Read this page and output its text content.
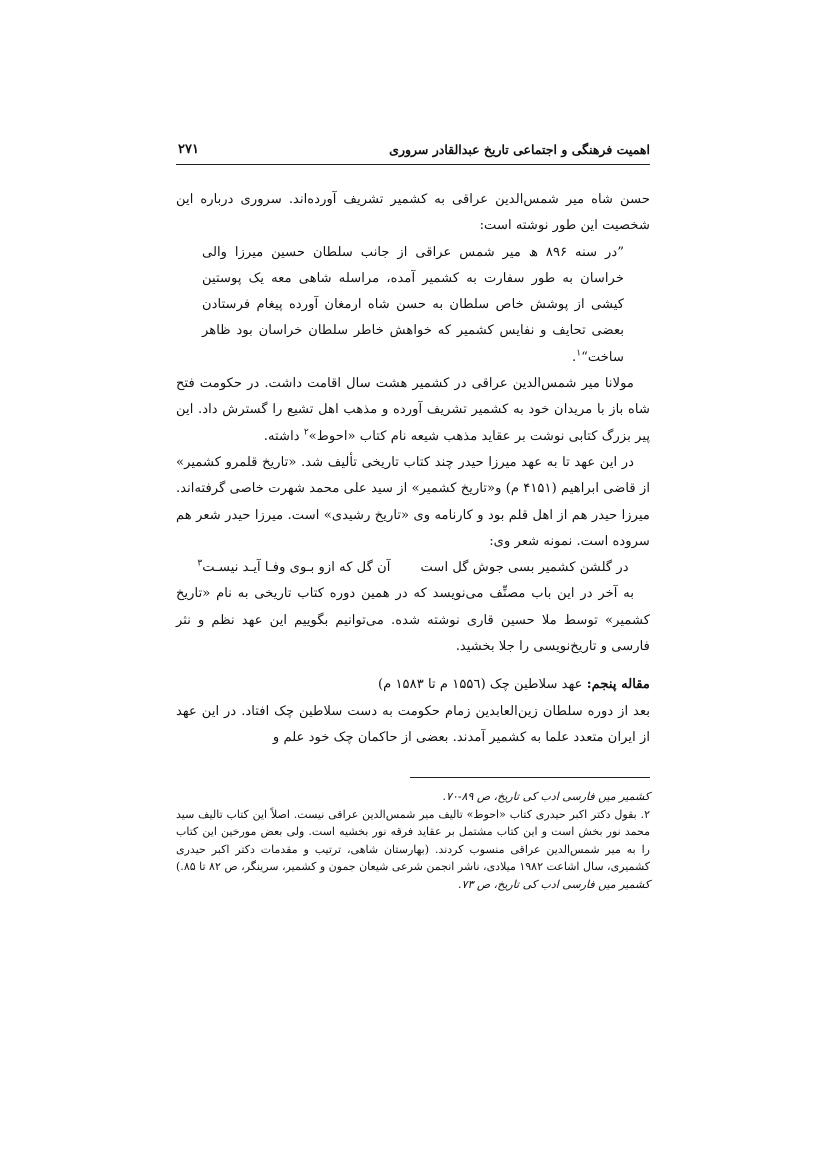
اهمیت فرهنگی و اجتماعی تاریخ عبدالقادر سروری
۲۷۱

حسن شاه میر شمس‌الدین عراقی به کشمیر تشریف آورده‌اند. سروری درباره این شخصیت این طور نوشته است:

”در سنه ۸۹۶ ھ میر شمس عراقی از جانب سلطان حسین میرزا والی خراسان به طور سفارت به کشمیر آمده، مراسله شاهی معه یک پوستین کیشی از پوشش خاص سلطان به حسن شاه ارمغان آورده پیغام فرستادن بعضی تحایف و نفایس کشمیر که خواهش خاطر سلطان خراسان بود ظاهر ساخت“$^۱$.

مولانا میر شمس‌الدین عراقی در کشمیر هشت سال اقامت داشت. در حکومت فتح شاه باز با مریدان خود به کشمیر تشریف آورده و مذهب اهل تشیع را گسترش داد. این پیر بزرگ کتابی نوشت بر عقاید مذهب شیعه نام کتاب «احوط»$^۲$ داشته.

در این عهد تا به عهد میرزا حیدر چند کتاب تاریخی تألیف شد. «تاریخ قلمرو کشمیر» از قاضی ابراهیم (۴۱۵۱ م) و«تاریخ کشمیر» از سید علی محمد شهرت خاصی گرفته‌اند. میرزا حیدر هم از اهل قلم بود و کارنامه وی «تاریخ رشیدی» است. میرزا حیدر شعر هم سروده است. نمونه شعر وی:

در گلشن کشمیر بسی جوش گل است
آن گل که ازو بـوی وفـا آیـد نیسـت$^۳$

به آخر در این باب مصنِّف می‌نویسد که در همین دوره کتاب تاریخی به نام «تاریخ کشمیر» توسط ملا حسین قاری نوشته شده. می‌توانیم بگوییم این عهد نظم و نثر فارسی و تاریخ‌نویسی را جلا بخشید.

مقاله پنجم: عهد سلاطین چک (۱۵۵٦ م تا ۱۵۸۳ م)

بعد از دوره سلطان زین‌العابدین زمام حکومت به دست سلاطین چک افتاد. در این عهد از ایران متعدد علما به کشمیر آمدند. بعضی از حاکمان چک خود علم و

کشمیر میں فارسی ادب کی تاریخ، ص ۸۹-۷۰.

۲. بقول دکتر اکبر حیدری کتاب «احوط» تالیف میر شمس‌الدین عراقی نیست. اصلاً این کتاب تالیف سید محمد نور بخش است و این کتاب مشتمل بر عقاید فرقه نور بخشیه است. ولی بعض مورخین این کتاب را به میر شمس‌الدین عراقی منسوب کردند. (بهارستان شاهی، ترتیب و مقدمات دکتر اکبر حیدری کشمیری، سال اشاعت ۱۹۸۲ میلادی، ناشر انجمن شرعی شیعان جمون و کشمیر، سرینگر، ص ۸۲ تا ۸۵.)

کشمیر میں فارسی ادب کی تاریخ، ص ۷۳.
